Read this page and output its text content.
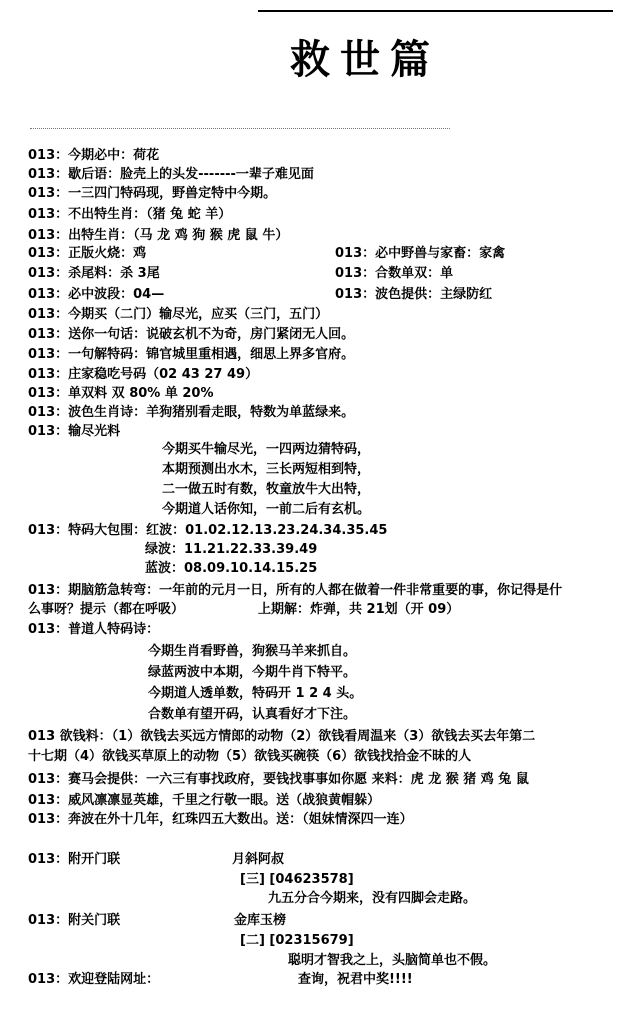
救世篇
013：今期必中：荷花
013：歇后语：脸壳上的头发-------一辈子难见面
013：一三四门特码现，野兽定特中今期。
013：不出特生肖：（猪 兔 蛇 羊）
013：出特生肖：（马 龙 鸡 狗 猴 虎 鼠 牛）
013：正版火烧：鸡	013：必中野兽与家畜：家禽
013：杀尾料：杀 3尾	013：合数单双：单
013：必中波段：04—	013：波色提供：主绿防红
013：今期买（二门）输尽光，应买（三门，五门）
013：送你一句话：说破玄机不为奇，房门紧闭无人回。
013：一句解特码：锦官城里重相遇，细思上界多官府。
013：庄家稳吃号码（02 43 27 49）
013：单双料 双 80% 单 20%
013：波色生肖诗：羊狗猪别看走眼，特数为单蓝绿来。
013：输尽光料
今期买牛输尽光，一四两边猜特码，
本期预测出水木，三长两短相到特，
二一做五时有数，牧童放牛大出特，
今期道人话你知，一前二后有玄机。
013：特码大包围：红波：01.02.12.13.23.24.34.35.45
绿波：11.21.22.33.39.49
蓝波：08.09.10.14.15.25
013：期脑筋急转弯：一年前的元月一日，所有的人都在做着一件非常重要的事，你记得是什
么事呀？提示（都在呼吸）	上期解：炸弹，共 21划（开 09）
013：普道人特码诗：
今期生肖看野兽，狗猴马羊来抓自。
绿蓝两波中本期，今期牛肖下特平。
今期道人透单数，特码开 1 2 4 头。
合数单有望开码，认真看好才下注。
013 欲钱料：（1）欲钱去买远方情郎的动物（2）欲钱看周温来（3）欲钱去买去年第二
十七期（4）欲钱买草原上的动物（5）欲钱买碗筷（6）欲钱找拾金不昧的人
013：赛马会提供：一六三有事找政府，要钱找事事如你愿 来料：虎 龙 猴 猪 鸡 兔 鼠
013：威风凛凛显英雄，千里之行敬一眼。送（战狼黄帽躲）
013：奔波在外十几年，红珠四五大数出。送：（姐妹情深四一连）
013：附开门联	月斜阿叔
[三] [04623578]
九五分合今期来，没有四脚会走路。
013：附关门联	金库玉榜
[二] [02315679]
聪明才智我之上，头脑简单也不假。
013：欢迎登陆网址：	查询，祝君中奖!!!!
